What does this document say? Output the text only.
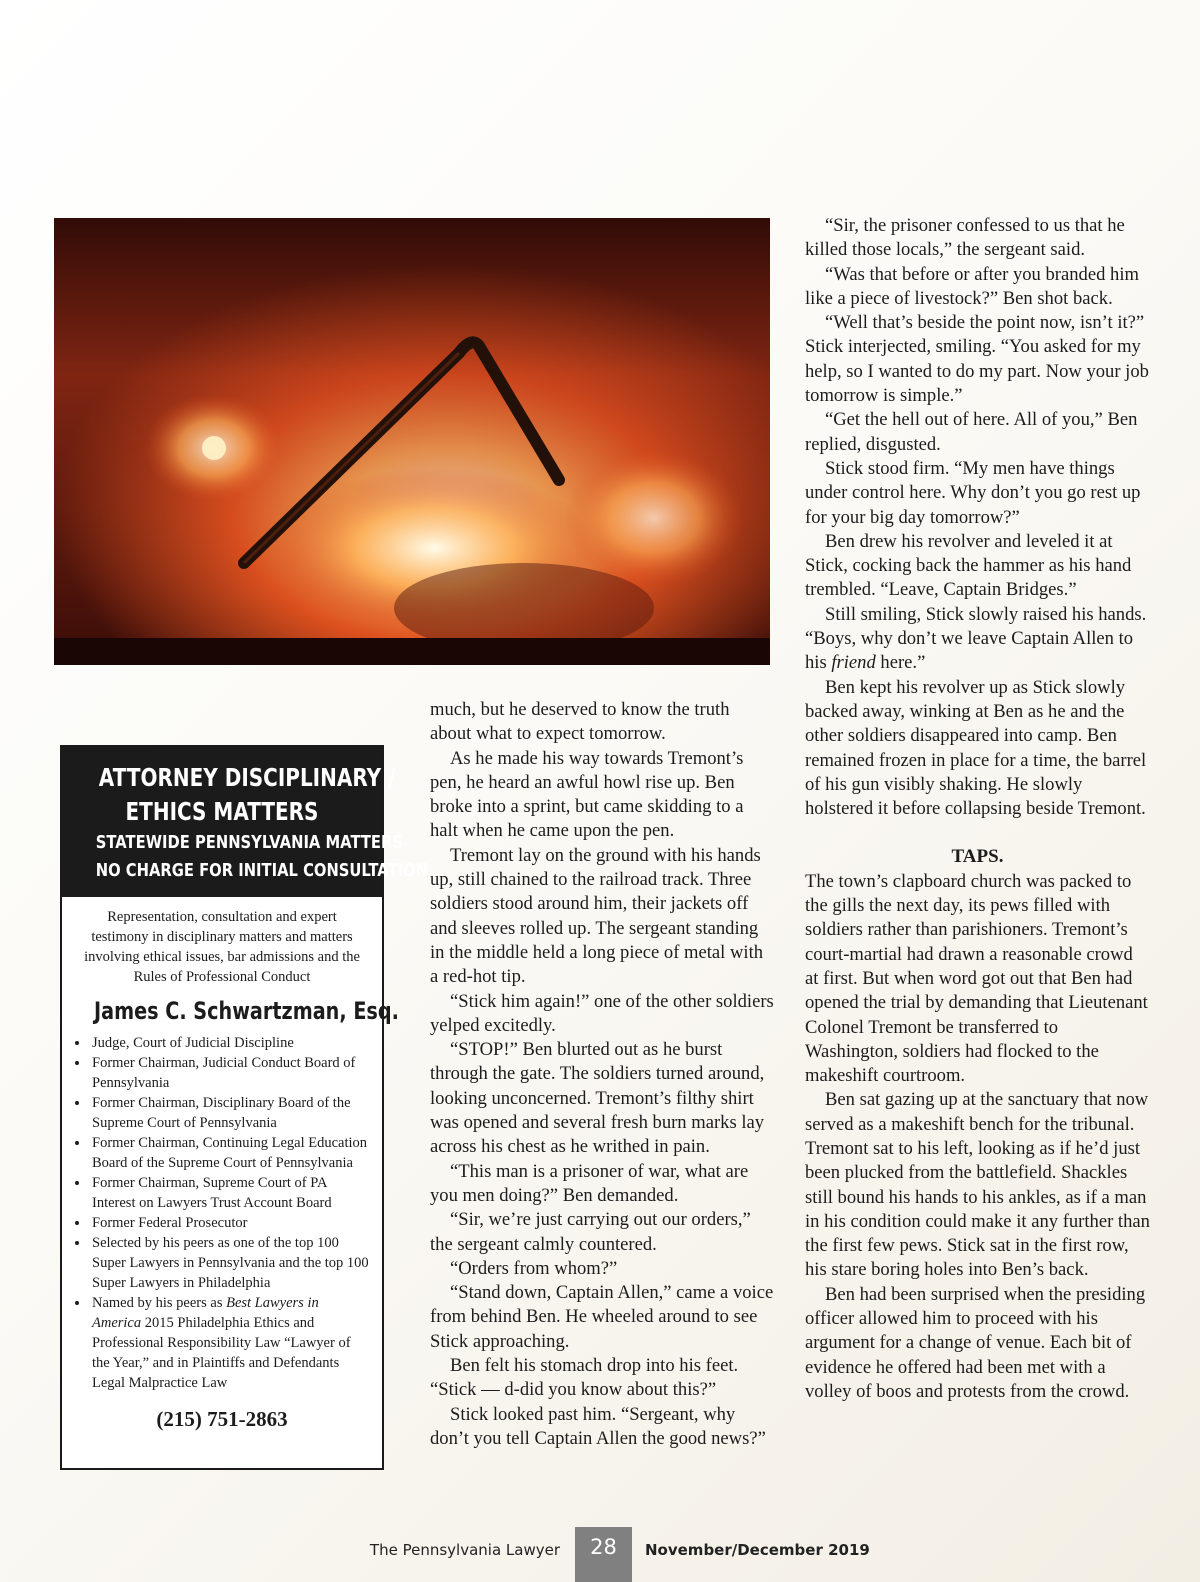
ATTORNEY DISCIPLINARY /
ETHICS MATTERS
STATEWIDE PENNSYLVANIA MATTERS
NO CHARGE FOR INITIAL CONSULTATION
Representation, consultation and expert testimony in disciplinary matters and matters involving ethical issues, bar admissions and the Rules of Professional Conduct
James C. Schwartzman, Esq.
• Judge, Court of Judicial Discipline
• Former Chairman, Judicial Conduct Board of Pennsylvania
• Former Chairman, Disciplinary Board of the Supreme Court of Pennsylvania
• Former Chairman, Continuing Legal Education Board of the Supreme Court of Pennsylvania
• Former Chairman, Supreme Court of PA Interest on Lawyers Trust Account Board
• Former Federal Prosecutor
• Selected by his peers as one of the top 100 Super Lawyers in Pennsylvania and the top 100 Super Lawyers in Philadelphia
• Named by his peers as Best Lawyers in America 2015 Philadelphia Ethics and Professional Responsibility Law “Lawyer of the Year,” and in Plaintiffs and Defendants Legal Malpractice Law
(215) 751-2863

much, but he deserved to know the truth about what to expect tomorrow.

As he made his way towards Tremont’s pen, he heard an awful howl rise up. Ben broke into a sprint, but came skidding to a halt when he came upon the pen.

Tremont lay on the ground with his hands up, still chained to the railroad track. Three soldiers stood around him, their jackets off and sleeves rolled up. The sergeant standing in the middle held a long piece of metal with a red-hot tip.

“Stick him again!” one of the other soldiers yelped excitedly.

“STOP!” Ben blurted out as he burst through the gate. The soldiers turned around, looking unconcerned. Tremont’s filthy shirt was opened and several fresh burn marks lay across his chest as he writhed in pain.

“This man is a prisoner of war, what are you men doing?” Ben demanded.

“Sir, we’re just carrying out our orders,” the sergeant calmly countered.

“Orders from whom?”

“Stand down, Captain Allen,” came a voice from behind Ben. He wheeled around to see Stick approaching.

Ben felt his stomach drop into his feet. “Stick — d-did you know about this?”

Stick looked past him. “Sergeant, why don’t you tell Captain Allen the good news?”

“Sir, the prisoner confessed to us that he killed those locals,” the sergeant said.

“Was that before or after you branded him like a piece of livestock?” Ben shot back.

“Well that’s beside the point now, isn’t it?” Stick interjected, smiling. “You asked for my help, so I wanted to do my part. Now your job tomorrow is simple.”

“Get the hell out of here. All of you,” Ben replied, disgusted.

Stick stood firm. “My men have things under control here. Why don’t you go rest up for your big day tomorrow?”

Ben drew his revolver and leveled it at Stick, cocking back the hammer as his hand trembled. “Leave, Captain Bridges.”

Still smiling, Stick slowly raised his hands. “Boys, why don’t we leave Captain Allen to his friend here.”

Ben kept his revolver up as Stick slowly backed away, winking at Ben as he and the other soldiers disappeared into camp. Ben remained frozen in place for a time, the barrel of his gun visibly shaking. He slowly holstered it before collapsing beside Tremont.

TAPS.

The town’s clapboard church was packed to the gills the next day, its pews filled with soldiers rather than parishioners. Tremont’s court-martial had drawn a reasonable crowd at first. But when word got out that Ben had opened the trial by demanding that Lieutenant Colonel Tremont be transferred to Washington, soldiers had flocked to the makeshift courtroom.

Ben sat gazing up at the sanctuary that now served as a makeshift bench for the tribunal. Tremont sat to his left, looking as if he’d just been plucked from the battlefield. Shackles still bound his hands to his ankles, as if a man in his condition could make it any further than the first few pews. Stick sat in the first row, his stare boring holes into Ben’s back.

Ben had been surprised when the presiding officer allowed him to proceed with his argument for a change of venue. Each bit of evidence he offered had been met with a volley of boos and protests from the crowd.

The Pennsylvania Lawyer	28	November/December 2019
